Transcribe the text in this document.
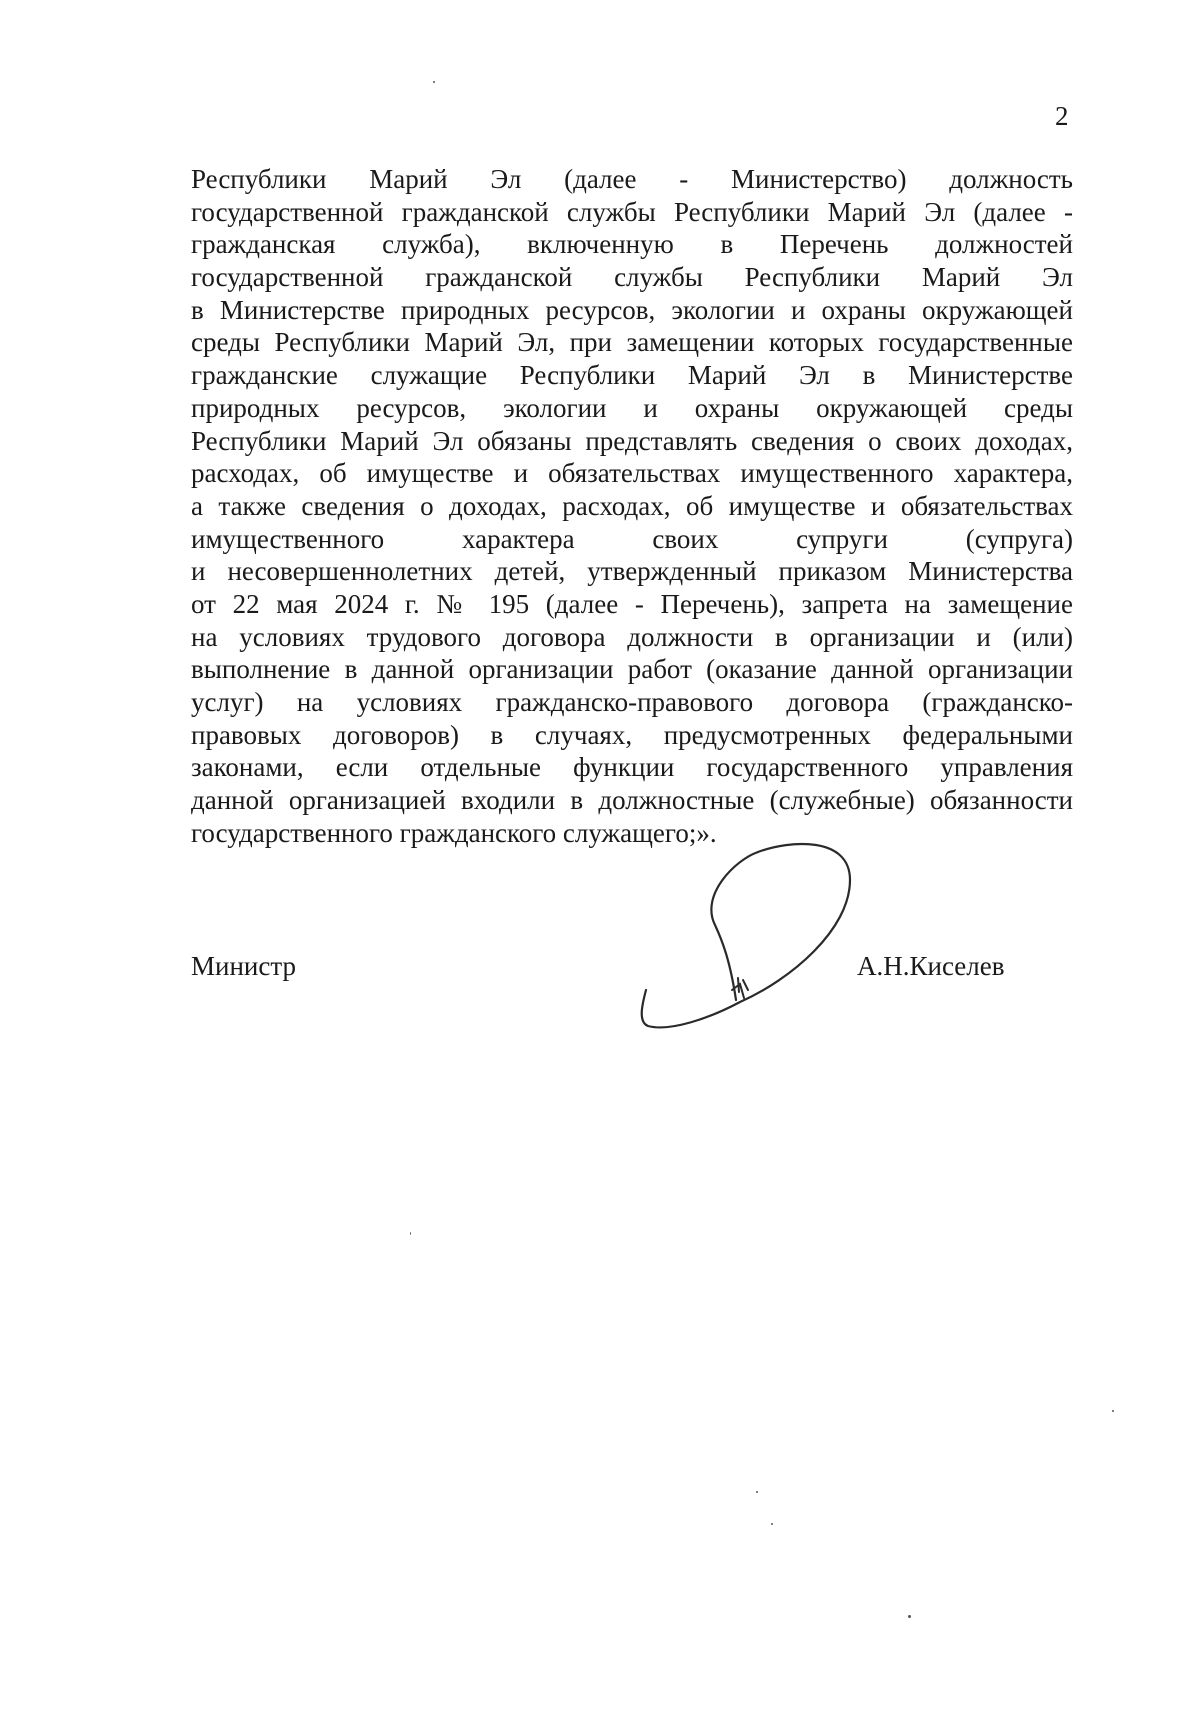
2
Республики Марий Эл (далее - Министерство) должность
государственной гражданской службы Республики Марий Эл (далее -
гражданская служба), включенную в Перечень должностей
государственной гражданской службы Республики Марий Эл
в Министерстве природных ресурсов, экологии и охраны окружающей
среды Республики Марий Эл, при замещении которых государственные
гражданские служащие Республики Марий Эл в Министерстве
природных ресурсов, экологии и охраны окружающей среды
Республики Марий Эл обязаны представлять сведения о своих доходах,
расходах, об имуществе и обязательствах имущественного характера,
а также сведения о доходах, расходах, об имуществе и обязательствах
имущественного характера своих супруги (супруга)
и несовершеннолетних детей, утвержденный приказом Министерства
от 22 мая 2024 г. № 195 (далее - Перечень), запрета на замещение
на условиях трудового договора должности в организации и (или)
выполнение в данной организации работ (оказание данной организации
услуг) на условиях гражданско-правового договора (гражданско-
правовых договоров) в случаях, предусмотренных федеральными
законами, если отдельные функции государственного управления
данной организацией входили в должностные (служебные) обязанности
государственного гражданского служащего;».
Министр	А.Н.Киселев
